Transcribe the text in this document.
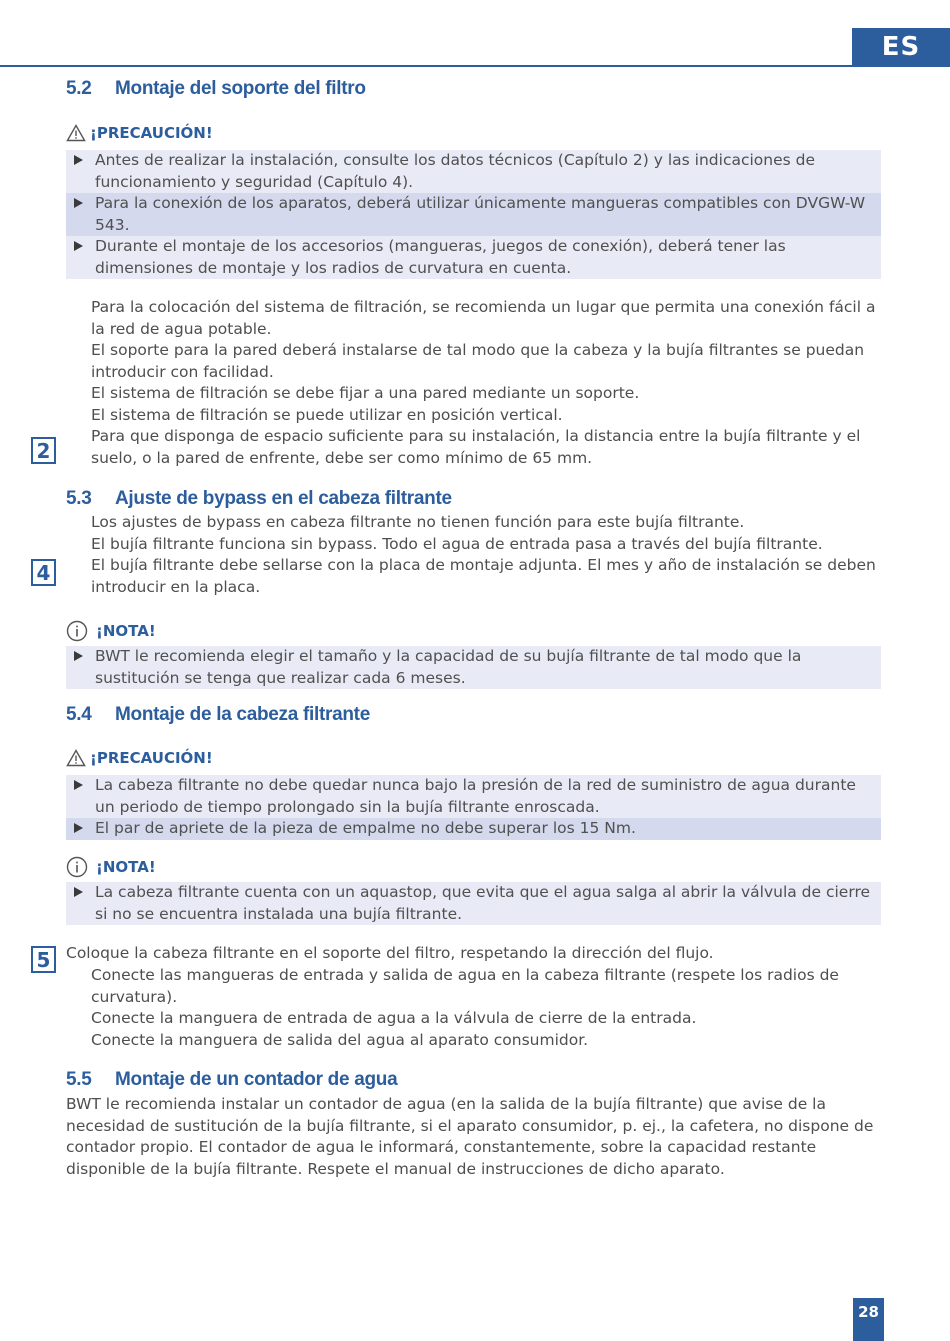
ES
5.2 Montaje del soporte del filtro
¡PRECAUCIÓN!
Antes de realizar la instalación, consulte los datos técnicos (Capítulo 2) y las indicaciones de funcionamiento y seguridad (Capítulo 4).
Para la conexión de los aparatos, deberá utilizar únicamente mangueras compatibles con DVGW-W 543.
Durante el montaje de los accesorios (mangueras, juegos de conexión), deberá tener las dimensiones de montaje y los radios de curvatura en cuenta.
Para la colocación del sistema de filtración, se recomienda un lugar que permita una conexión fácil a la red de agua potable.
El soporte para la pared deberá instalarse de tal modo que la cabeza y la bujía filtrantes se puedan introducir con facilidad.
El sistema de filtración se debe fijar a una pared mediante un soporte.
El sistema de filtración se puede utilizar en posición vertical.
Para que disponga de espacio suficiente para su instalación, la distancia entre la bujía filtrante y el suelo, o la pared de enfrente, debe ser como mínimo de 65 mm.
2
5.3 Ajuste de bypass en el cabeza filtrante
Los ajustes de bypass en cabeza filtrante no tienen función para este bujía filtrante.
El bujía filtrante funciona sin bypass. Todo el agua de entrada pasa a través del bujía filtrante.
El bujía filtrante debe sellarse con la placa de montaje adjunta. El mes y año de instalación se deben introducir en la placa.
4
¡NOTA!
BWT le recomienda elegir el tamaño y la capacidad de su bujía filtrante de tal modo que la sustitución se tenga que realizar cada 6 meses.
5.4 Montaje de la cabeza filtrante
¡PRECAUCIÓN!
La cabeza filtrante no debe quedar nunca bajo la presión de la red de suministro de agua durante un periodo de tiempo prolongado sin la bujía filtrante enroscada.
El par de apriete de la pieza de empalme no debe superar los 15 Nm.
¡NOTA!
La cabeza filtrante cuenta con un aquastop, que evita que el agua salga al abrir la válvula de cierre si no se encuentra instalada una bujía filtrante.
5	Coloque la cabeza filtrante en el soporte del filtro, respetando la dirección del flujo.
Conecte las mangueras de entrada y salida de agua en la cabeza filtrante (respete los radios de curvatura).
Conecte la manguera de entrada de agua a la válvula de cierre de la entrada.
Conecte la manguera de salida del agua al aparato consumidor.
5.5 Montaje de un contador de agua
BWT le recomienda instalar un contador de agua (en la salida de la bujía filtrante) que avise de la necesidad de sustitución de la bujía filtrante, si el aparato consumidor, p. ej., la cafetera, no dispone de contador propio. El contador de agua le informará, constantemente, sobre la capacidad restante disponible de la bujía filtrante. Respete el manual de instrucciones de dicho aparato.
28
